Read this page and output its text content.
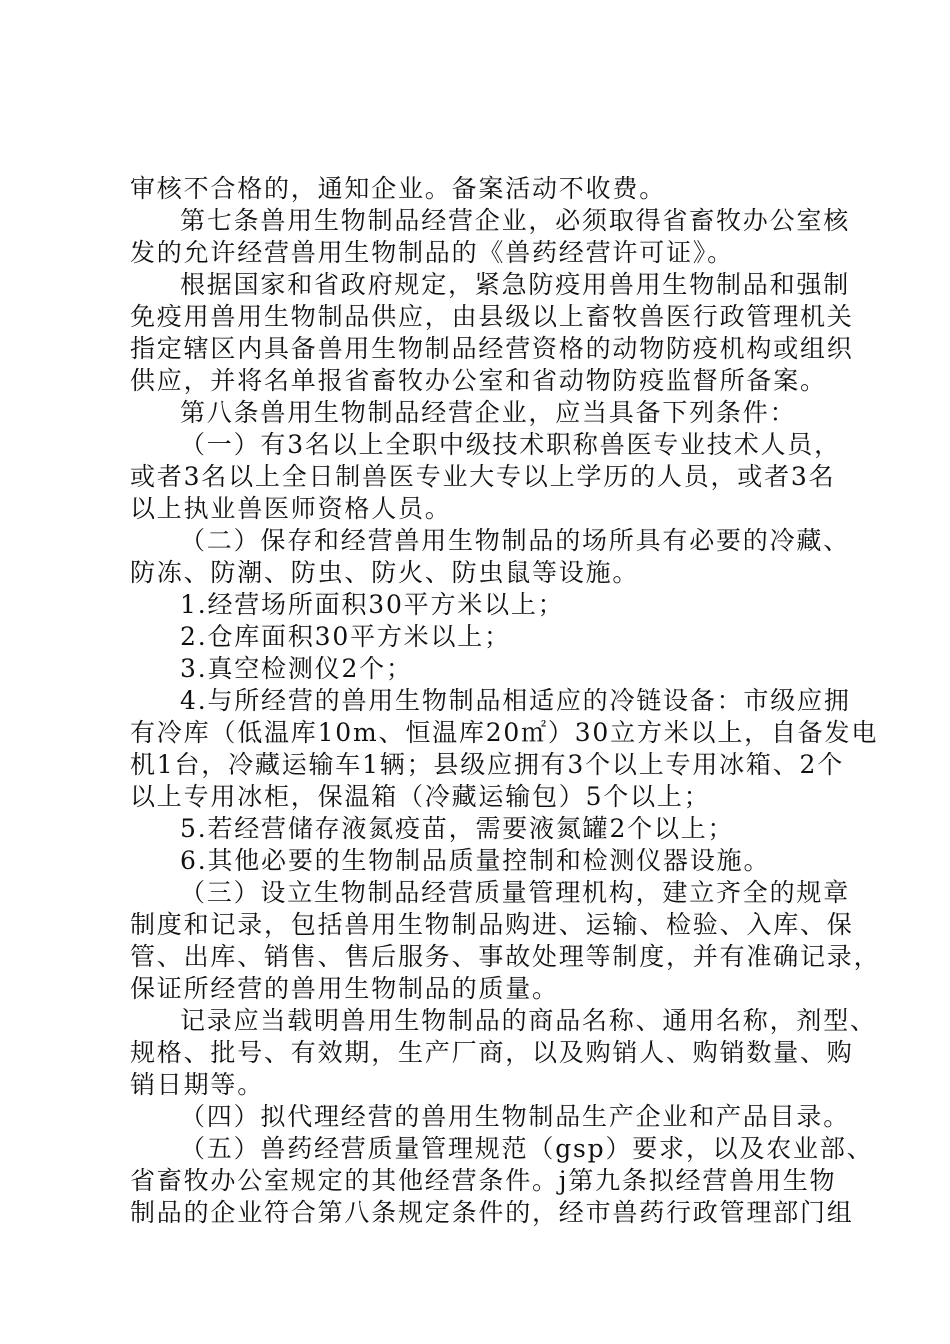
审核不合格的，通知企业。备案活动不收费。
第七条兽用生物制品经营企业，必须取得省畜牧办公室核
发的允许经营兽用生物制品的《兽药经营许可证》。
根据国家和省政府规定，紧急防疫用兽用生物制品和强制
免疫用兽用生物制品供应，由县级以上畜牧兽医行政管理机关
指定辖区内具备兽用生物制品经营资格的动物防疫机构或组织
供应，并将名单报省畜牧办公室和省动物防疫监督所备案。
第八条兽用生物制品经营企业，应当具备下列条件：
（一）有3名以上全职中级技术职称兽医专业技术人员，
或者3名以上全日制兽医专业大专以上学历的人员，或者3名
以上执业兽医师资格人员。
（二）保存和经营兽用生物制品的场所具有必要的冷藏、
防冻、防潮、防虫、防火、防虫鼠等设施。
1.经营场所面积30平方米以上；
2.仓库面积30平方米以上；
3.真空检测仪2个；
4.与所经营的兽用生物制品相适应的冷链设备：市级应拥
有冷库（低温库10m、恒温库20㎡）30立方米以上，自备发电
机1台，冷藏运输车1辆；县级应拥有3个以上专用冰箱、2个
以上专用冰柜，保温箱（冷藏运输包）5个以上；
5.若经营储存液氮疫苗，需要液氮罐2个以上；
6.其他必要的生物制品质量控制和检测仪器设施。
（三）设立生物制品经营质量管理机构，建立齐全的规章
制度和记录，包括兽用生物制品购进、运输、检验、入库、保
管、出库、销售、售后服务、事故处理等制度，并有准确记录，
保证所经营的兽用生物制品的质量。
记录应当载明兽用生物制品的商品名称、通用名称，剂型、
规格、批号、有效期，生产厂商，以及购销人、购销数量、购
销日期等。
（四）拟代理经营的兽用生物制品生产企业和产品目录。
（五）兽药经营质量管理规范（gsp）要求，以及农业部、
省畜牧办公室规定的其他经营条件。j第九条拟经营兽用生物
制品的企业符合第八条规定条件的，经市兽药行政管理部门组
